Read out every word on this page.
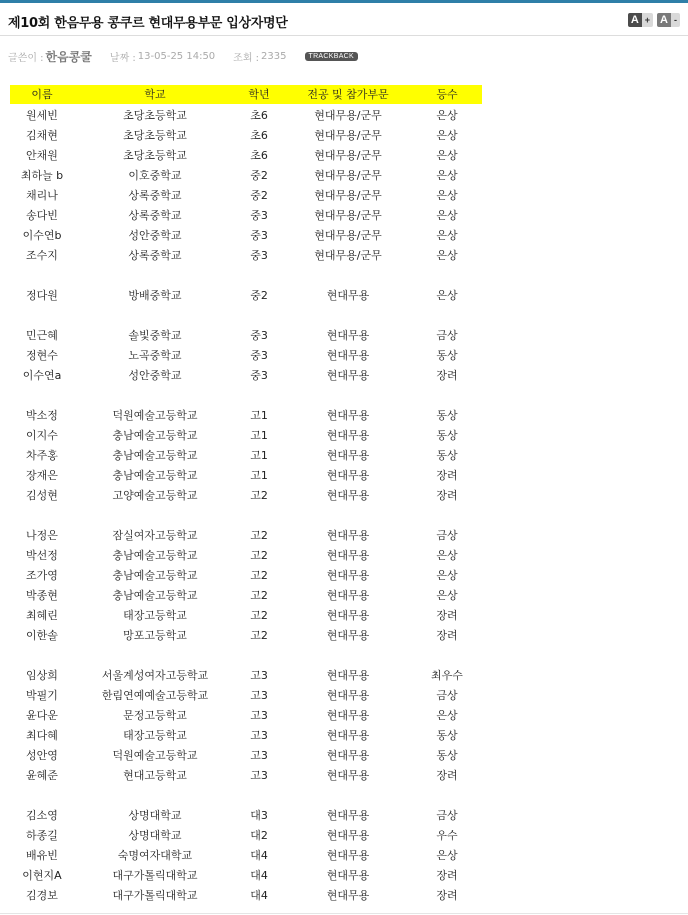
제10회 한음무용 콩쿠르 현대무용부문 입상자명단	A + A -
글쓴이 : 한음콩쿨 날짜 : 13-05-25 14:50 조회 : 2335	TRACKBACK
이름	학교	학년	전공 및 참가부문	등수
원세빈	초당초등학교	초6	현대무용/군무	은상
김채현	초당초등학교	초6	현대무용/군무	은상
안채원	초당초등학교	초6	현대무용/군무	은상
최하늘 b	이호중학교	중2	현대무용/군무	은상
채리나	상록중학교	중2	현대무용/군무	은상
송다빈	상록중학교	중3	현대무용/군무	은상
이수연b	성안중학교	중3	현대무용/군무	은상
조수지	상록중학교	중3	현대무용/군무	은상
정다원	방배중학교	중2	현대무용	은상
민근혜	솔빛중학교	중3	현대무용	금상
정현수	노곡중학교	중3	현대무용	동상
이수연a	성안중학교	중3	현대무용	장려
박소정	덕원예술고등학교	고1	현대무용	동상
이지수	충남예술고등학교	고1	현대무용	동상
차주홍	충남예술고등학교	고1	현대무용	동상
장재은	충남예술고등학교	고1	현대무용	장려
김성현	고양예술고등학교	고2	현대무용	장려
나정은	잠실여자고등학교	고2	현대무용	금상
박선정	충남예술고등학교	고2	현대무용	은상
조가영	충남예술고등학교	고2	현대무용	은상
박종현	충남예술고등학교	고2	현대무용	은상
최혜린	태장고등학교	고2	현대무용	장려
이한솔	망포고등학교	고2	현대무용	장려
임상희	서울계성여자고등학교	고3	현대무용	최우수
박필기	한림연예예술고등학교	고3	현대무용	금상
윤다운	문정고등학교	고3	현대무용	은상
최다혜	태장고등학교	고3	현대무용	동상
성안영	덕원예술고등학교	고3	현대무용	동상
윤혜준	현대고등학교	고3	현대무용	장려
김소영	상명대학교	대3	현대무용	금상
하종길	상명대학교	대2	현대무용	우수
배유빈	숙명여자대학교	대4	현대무용	은상
이현지A	대구가톨릭대학교	대4	현대무용	장려
김경보	대구가톨릭대학교	대4	현대무용	장려
